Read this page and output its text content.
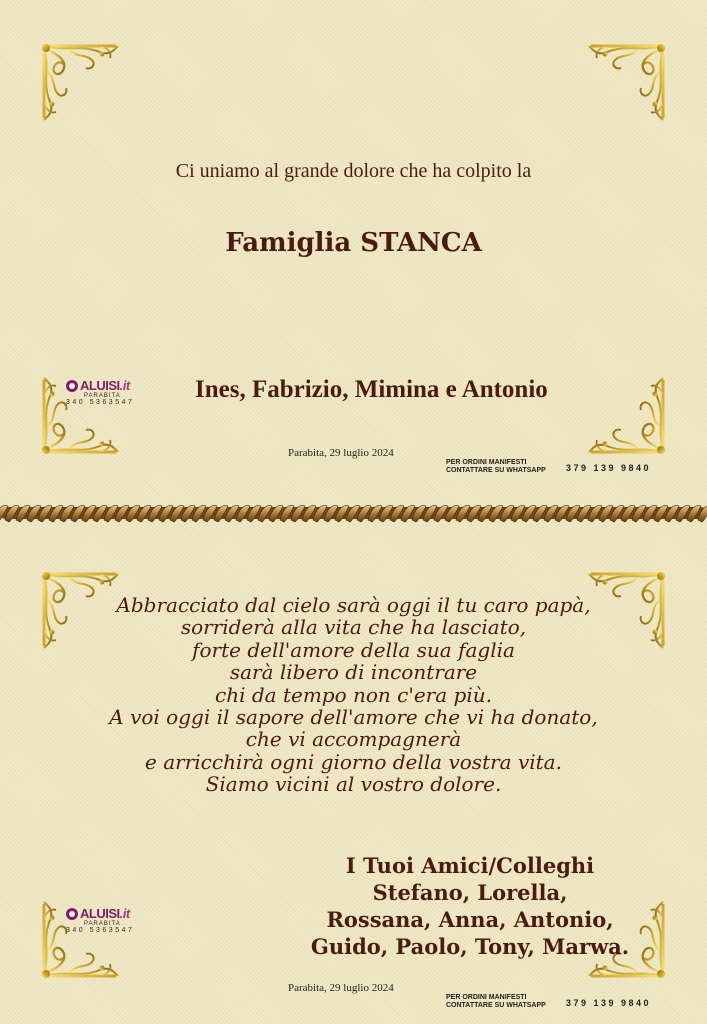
Ci uniamo al grande dolore che ha colpito la

Famiglia STANCA

ALUISI.it
PARABITA
340 5363547	Ines, Fabrizio, Mimina e Antonio

Parabita, 29 luglio 2024
PER ORDINI MANIFESTI
CONTATTARE SU WHATSAPP	379 139 9840
Abbracciato dal cielo sarà oggi il tu caro papà,
sorriderà alla vita che ha lasciato,
forte dell'amore della sua faglia
sarà libero di incontrare
chi da tempo non c'era più.
A voi oggi il sapore dell'amore che vi ha donato,
che vi accompagnerà
e arricchirà ogni giorno della vostra vita.
Siamo vicini al vostro dolore.
ALUISI.it
PARABITA
340 5363547
I Tuoi Amici/Colleghi
Stefano, Lorella,
Rossana, Anna, Antonio,
Guido, Paolo, Tony, Marwa.
Parabita, 29 luglio 2024
PER ORDINI MANIFESTI
CONTATTARE SU WHATSAPP	379 139 9840
